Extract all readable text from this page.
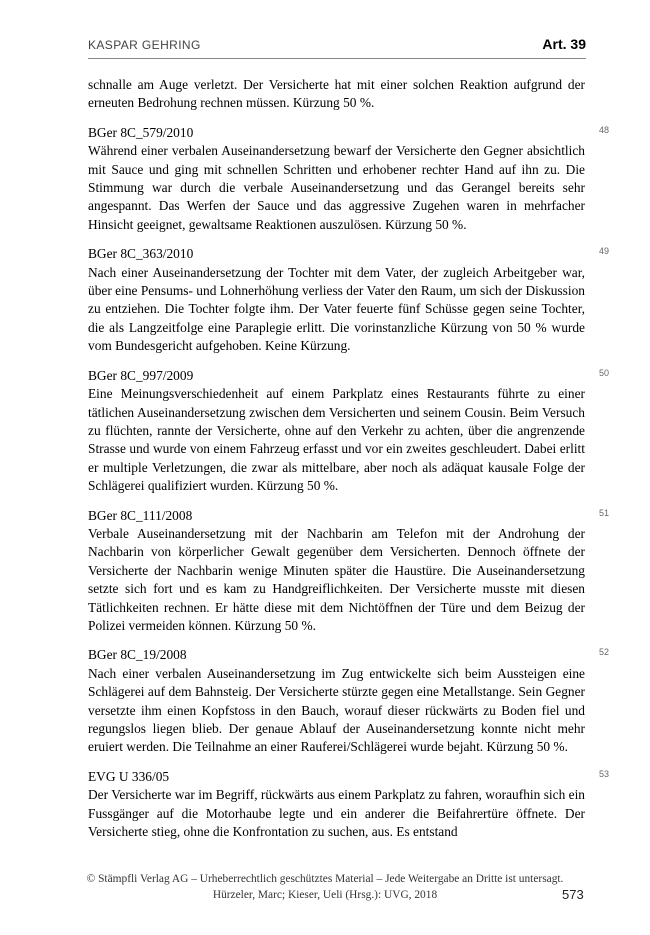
KASPAR GEHRING	Art. 39

schnalle am Auge verletzt. Der Versicherte hat mit einer solchen Reaktion aufgrund der erneuten Bedrohung rechnen müssen. Kürzung 50 %.

48

BGer 8C_579/2010
Während einer verbalen Auseinandersetzung bewarf der Versicherte den Gegner absichtlich mit Sauce und ging mit schnellen Schritten und erhobener rechter Hand auf ihn zu. Die Stimmung war durch die verbale Auseinandersetzung und das Gerangel bereits sehr angespannt. Das Werfen der Sauce und das aggressive Zugehen waren in mehrfacher Hinsicht geeignet, gewaltsame Reaktionen auszulösen. Kürzung 50 %.

49

BGer 8C_363/2010
Nach einer Auseinandersetzung der Tochter mit dem Vater, der zugleich Arbeitgeber war, über eine Pensums- und Lohnerhöhung verliess der Vater den Raum, um sich der Diskussion zu entziehen. Die Tochter folgte ihm. Der Vater feuerte fünf Schüsse gegen seine Tochter, die als Langzeitfolge eine Paraplegie erlitt. Die vorinstanzliche Kürzung von 50 % wurde vom Bundesgericht aufgehoben. Keine Kürzung.

50

BGer 8C_997/2009
Eine Meinungsverschiedenheit auf einem Parkplatz eines Restaurants führte zu einer tätlichen Auseinandersetzung zwischen dem Versicherten und seinem Cousin. Beim Versuch zu flüchten, rannte der Versicherte, ohne auf den Verkehr zu achten, über die angrenzende Strasse und wurde von einem Fahrzeug erfasst und vor ein zweites geschleudert. Dabei erlitt er multiple Verletzungen, die zwar als mittelbare, aber noch als adäquat kausale Folge der Schlägerei qualifiziert wurden. Kürzung 50 %.

51

BGer 8C_111/2008
Verbale Auseinandersetzung mit der Nachbarin am Telefon mit der Androhung der Nachbarin von körperlicher Gewalt gegenüber dem Versicherten. Dennoch öffnete der Versicherte der Nachbarin wenige Minuten später die Haustüre. Die Auseinandersetzung setzte sich fort und es kam zu Handgreiflichkeiten. Der Versicherte musste mit diesen Tätlichkeiten rechnen. Er hätte diese mit dem Nichtöffnen der Türe und dem Beizug der Polizei vermeiden können. Kürzung 50 %.

52

BGer 8C_19/2008
Nach einer verbalen Auseinandersetzung im Zug entwickelte sich beim Aussteigen eine Schlägerei auf dem Bahnsteig. Der Versicherte stürzte gegen eine Metallstange. Sein Gegner versetzte ihm einen Kopfstoss in den Bauch, worauf dieser rückwärts zu Boden fiel und regungslos liegen blieb. Der genaue Ablauf der Auseinandersetzung konnte nicht mehr eruiert werden. Die Teilnahme an einer Rauferei/Schlägerei wurde bejaht. Kürzung 50 %.

53

EVG U 336/05
Der Versicherte war im Begriff, rückwärts aus einem Parkplatz zu fahren, woraufhin sich ein Fussgänger auf die Motorhaube legte und ein anderer die Beifahrertüre öffnete. Der Versicherte stieg, ohne die Konfrontation zu suchen, aus. Es entstand

© Stämpfli Verlag AG – Urheberrechtlich geschütztes Material – Jede Weitergabe an Dritte ist untersagt.
Hürzeler, Marc; Kieser, Ueli (Hrsg.): UVG, 2018	573
